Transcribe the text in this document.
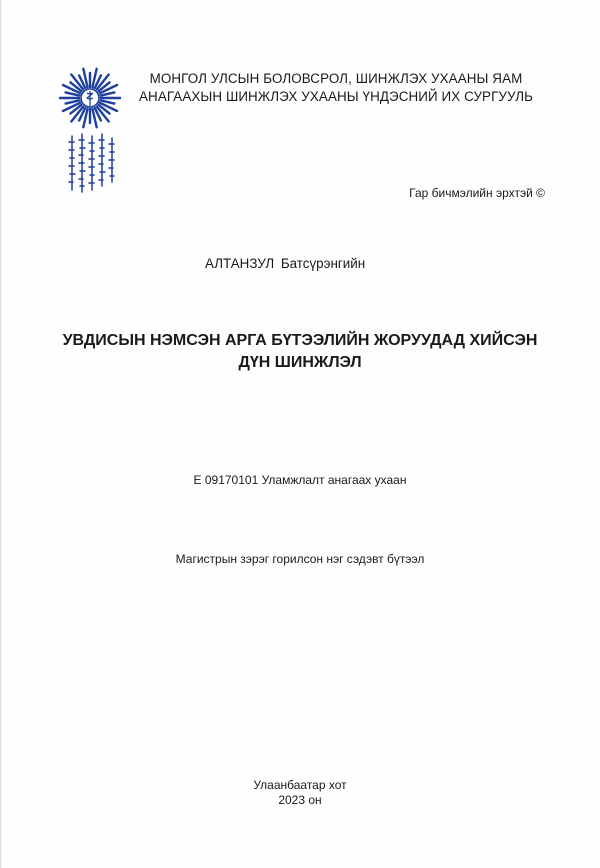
МОНГОЛ УЛСЫН БОЛОВСРОЛ, ШИНЖЛЭХ УХААНЫ ЯАМ
АНАГААХЫН ШИНЖЛЭХ УХААНЫ ҮНДЭСНИЙ ИХ СУРГУУЛЬ
Гар бичмэлийн эрхтэй ©
АЛТАНЗУЛ Батсүрэнгийн
УВДИСЫН НЭМСЭН АРГА БҮТЭЭЛИЙН ЖОРУУДАД ХИЙСЭН
ДҮН ШИНЖЛЭЛ
Е 09170101 Уламжлалт анагаах ухаан
Магистрын зэрэг горилсон нэг сэдэвт бүтээл
Улаанбаатар хот
2023 он
